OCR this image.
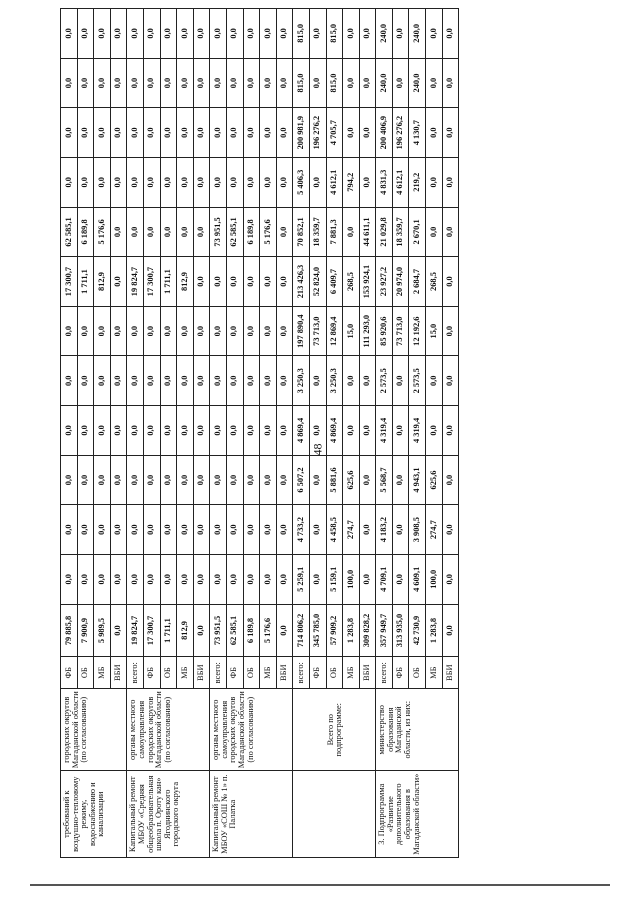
48
требований к воздушно-тепловому режиму, водоснабжению и канализации	городских округов Магаданской области (по согласованию)	ФБ	79 885,8	0,0	0,0	0,0	0,0	0,0	0,0	17 300,7	62 585,1	0,0	0,0	0,0	0,0
		ОБ	7 900,9	0,0	0,0	0,0	0,0	0,0	0,0	1 711,1	6 189,8	0,0	0,0	0,0	0,0
		МБ	5 989,5	0,0	0,0	0,0	0,0	0,0	0,0	812,9	5 176,6	0,0	0,0	0,0	0,0
		ВБИ	0,0	0,0	0,0	0,0	0,0	0,0	0,0	0,0	0,0	0,0	0,0	0,0	0,0
Капитальный ремонт МБОУ «Средняя общеобразовательная школа п. Ороту кан» Ягоднинского городского округа	органы местного самоуправления городских округов Магаданской области (по согласованию)	всего:	19 824,7	0,0	0,0	0,0	0,0	0,0	0,0	19 824,7	0,0	0,0	0,0	0,0	0,0
		ФБ	17 300,7	0,0	0,0	0,0	0,0	0,0	0,0	17 300,7	0,0	0,0	0,0	0,0	0,0
		ОБ	1 711,1	0,0	0,0	0,0	0,0	0,0	0,0	1 711,1	0,0	0,0	0,0	0,0	0,0
		МБ	812,9	0,0	0,0	0,0	0,0	0,0	0,0	812,9	0,0	0,0	0,0	0,0	0,0
		ВБИ	0,0	0,0	0,0	0,0	0,0	0,0	0,0	0,0	0,0	0,0	0,0	0,0	0,0
Капитальный ремонт МБОУ «СОШ № 1» п. Палатка	органы местного самоуправления городских округов Магаданской области (по согласованию)	всего:	73 951,5	0,0	0,0	0,0	0,0	0,0	0,0	0,0	73 951,5	0,0	0,0	0,0	0,0
		ФБ	62 585,1	0,0	0,0	0,0	0,0	0,0	0,0	0,0	62 585,1	0,0	0,0	0,0	0,0
		ОБ	6 189,8	0,0	0,0	0,0	0,0	0,0	0,0	0,0	6 189,8	0,0	0,0	0,0	0,0
		МБ	5 176,6	0,0	0,0	0,0	0,0	0,0	0,0	0,0	5 176,6	0,0	0,0	0,0	0,0
		ВБИ	0,0	0,0	0,0	0,0	0,0	0,0	0,0	0,0	0,0	0,0	0,0	0,0	0,0
	Всего по подпрограмме:	всего:	714 806,2	5 259,1	4 733,2	6 507,2	4 869,4	3 250,3	197 890,4	213 426,3	70 852,1	5 406,3	200 981,9	815,0	815,0
		ФБ	345 785,0	0,0	0,0	0,0	0,0	0,0	73 713,0	52 824,0	18 359,7	0,0	196 276,2	0,0	0,0
		ОБ	57 909,2	5 159,1	4 458,5	5 881,6	4 869,4	3 250,3	12 869,4	6 409,7	7 881,3	4 612,1	4 705,7	815,0	815,0
		МБ	1 283,8	100,0	274,7	625,6	0,0	0,0	15,0	268,5	0,0	794,2	0,0	0,0	0,0
		ВБИ	309 828,2	0,0	0,0	0,0	0,0	0,0	111 293,0	153 924,1	44 611,1	0,0	0,0	0,0	0,0
3. Подпрограмма «Развитие дополнительного образования в Магаданской области»	министерство образования Магаданской области, из них:	всего:	357 949,7	4 709,1	4 183,2	5 568,7	4 319,4	2 573,5	85 920,6	23 927,2	21 029,8	4 831,3	200 406,9	240,0	240,0
		ФБ	313 935,0	0,0	0,0	0,0	0,0	0,0	73 713,0	20 974,0	18 359,7	4 612,1	196 276,2	0,0	0,0
		ОБ	42 730,9	4 609,1	3 908,5	4 943,1	4 319,4	2 573,5	12 192,6	2 684,7	2 670,1	219,2	4 130,7	240,0	240,0
		МБ	1 283,8	100,0	274,7	625,6	0,0	0,0	15,0	268,5	0,0	0,0	0,0	0,0	0,0
		ВБИ	0,0	0,0	0,0	0,0	0,0	0,0	0,0	0,0	0,0	0,0	0,0	0,0	0,0
